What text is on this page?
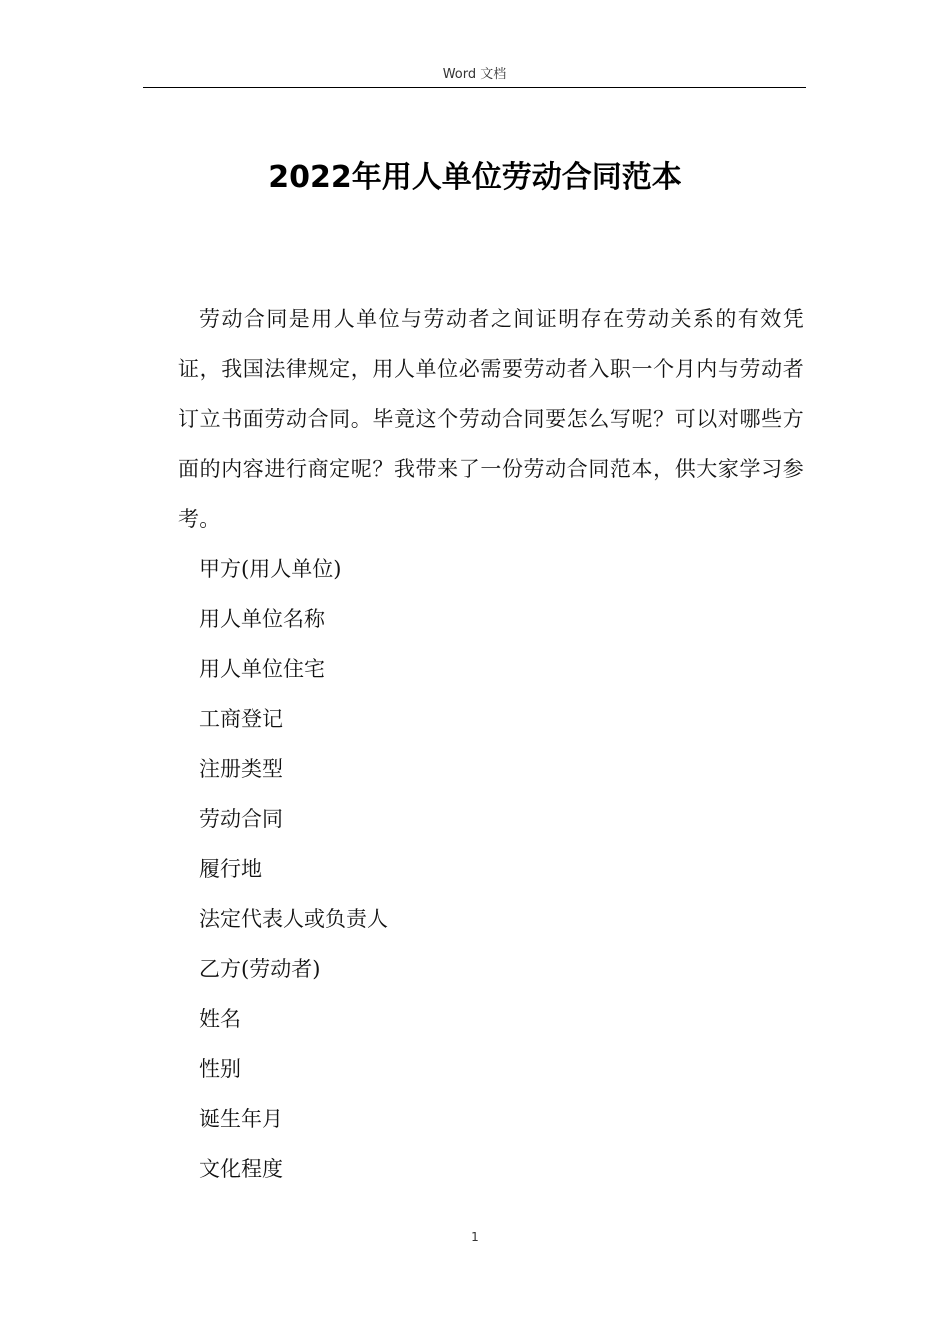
Word 文档
2022年用人单位劳动合同范本

劳动合同是用人单位与劳动者之间证明存在劳动关系的有效凭证，我国法律规定，用人单位必需要劳动者入职一个月内与劳动者订立书面劳动合同。毕竟这个劳动合同要怎么写呢？可以对哪些方面的内容进行商定呢？我带来了一份劳动合同范本，供大家学习参考。

甲方(用人单位)

用人单位名称

用人单位住宅

工商登记

注册类型

劳动合同

履行地

法定代表人或负责人

乙方(劳动者)

姓名

性别

诞生年月

文化程度

1
